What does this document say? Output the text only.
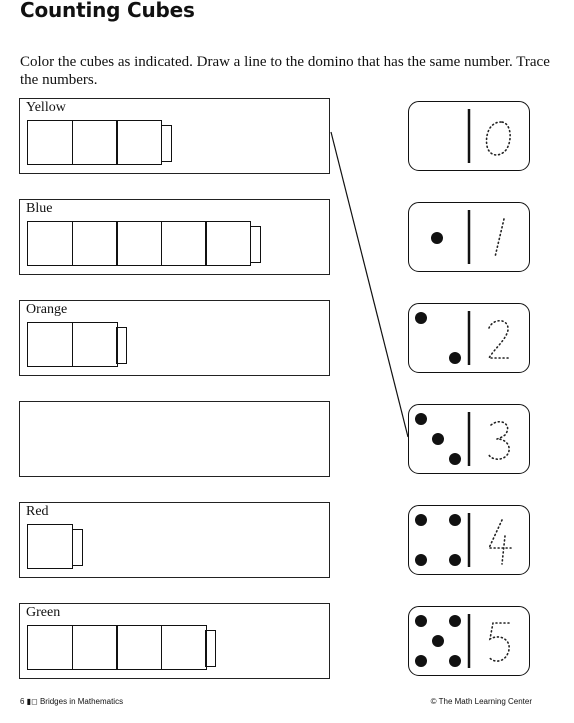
Counting Cubes
Color the cubes as indicated. Draw a line to the domino that has the same number. Trace the numbers.
Yellow
Blue
Orange
Red
Green
6 ▮◻ Bridges in Mathematics	© The Math Learning Center
